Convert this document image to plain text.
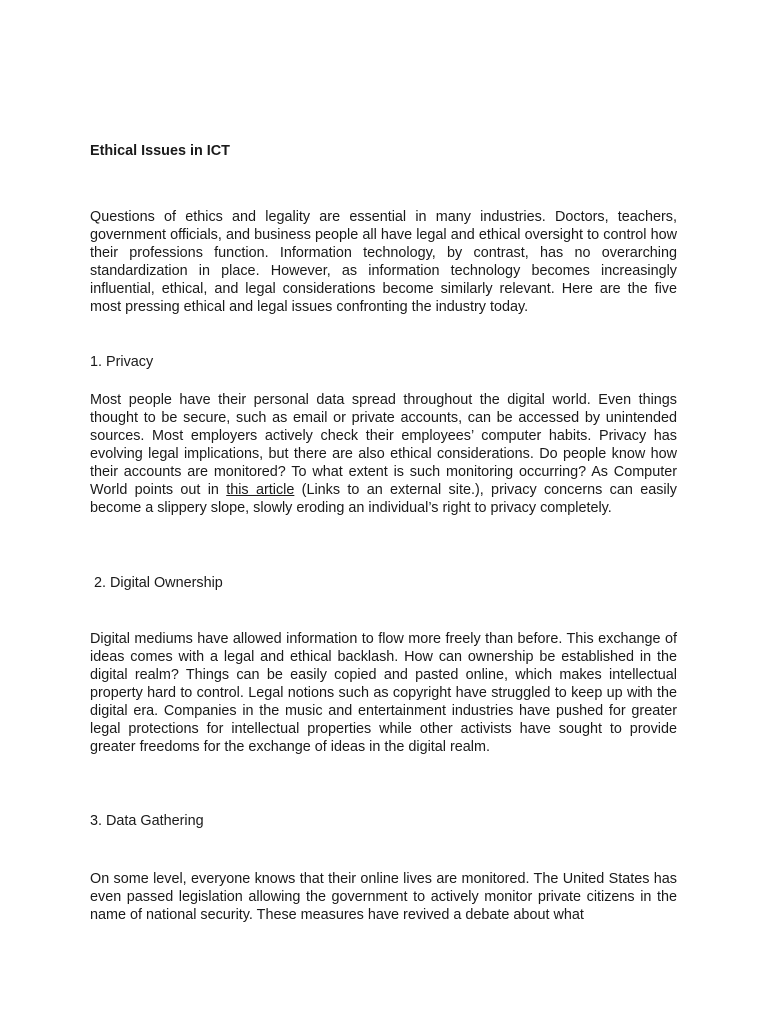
Ethical Issues in ICT

Questions of ethics and legality are essential in many industries. Doctors, teachers, government officials, and business people all have legal and ethical oversight to control how their professions function. Information technology, by contrast, has no overarching standardization in place. However, as information technology becomes increasingly influential, ethical, and legal considerations become similarly relevant. Here are the five most pressing ethical and legal issues confronting the industry today.

1. Privacy

Most people have their personal data spread throughout the digital world. Even things thought to be secure, such as email or private accounts, can be accessed by unintended sources. Most employers actively check their employees’ computer habits. Privacy has evolving legal implications, but there are also ethical considerations. Do people know how their accounts are monitored? To what extent is such monitoring occurring? As Computer World points out in this article (Links to an external site.), privacy concerns can easily become a slippery slope, slowly eroding an individual’s right to privacy completely.

2. Digital Ownership

Digital mediums have allowed information to flow more freely than before. This exchange of ideas comes with a legal and ethical backlash. How can ownership be established in the digital realm? Things can be easily copied and pasted online, which makes intellectual property hard to control. Legal notions such as copyright have struggled to keep up with the digital era. Companies in the music and entertainment industries have pushed for greater legal protections for intellectual properties while other activists have sought to provide greater freedoms for the exchange of ideas in the digital realm.

3. Data Gathering

On some level, everyone knows that their online lives are monitored. The United States has even passed legislation allowing the government to actively monitor private citizens in the name of national security. These measures have revived a debate about what
